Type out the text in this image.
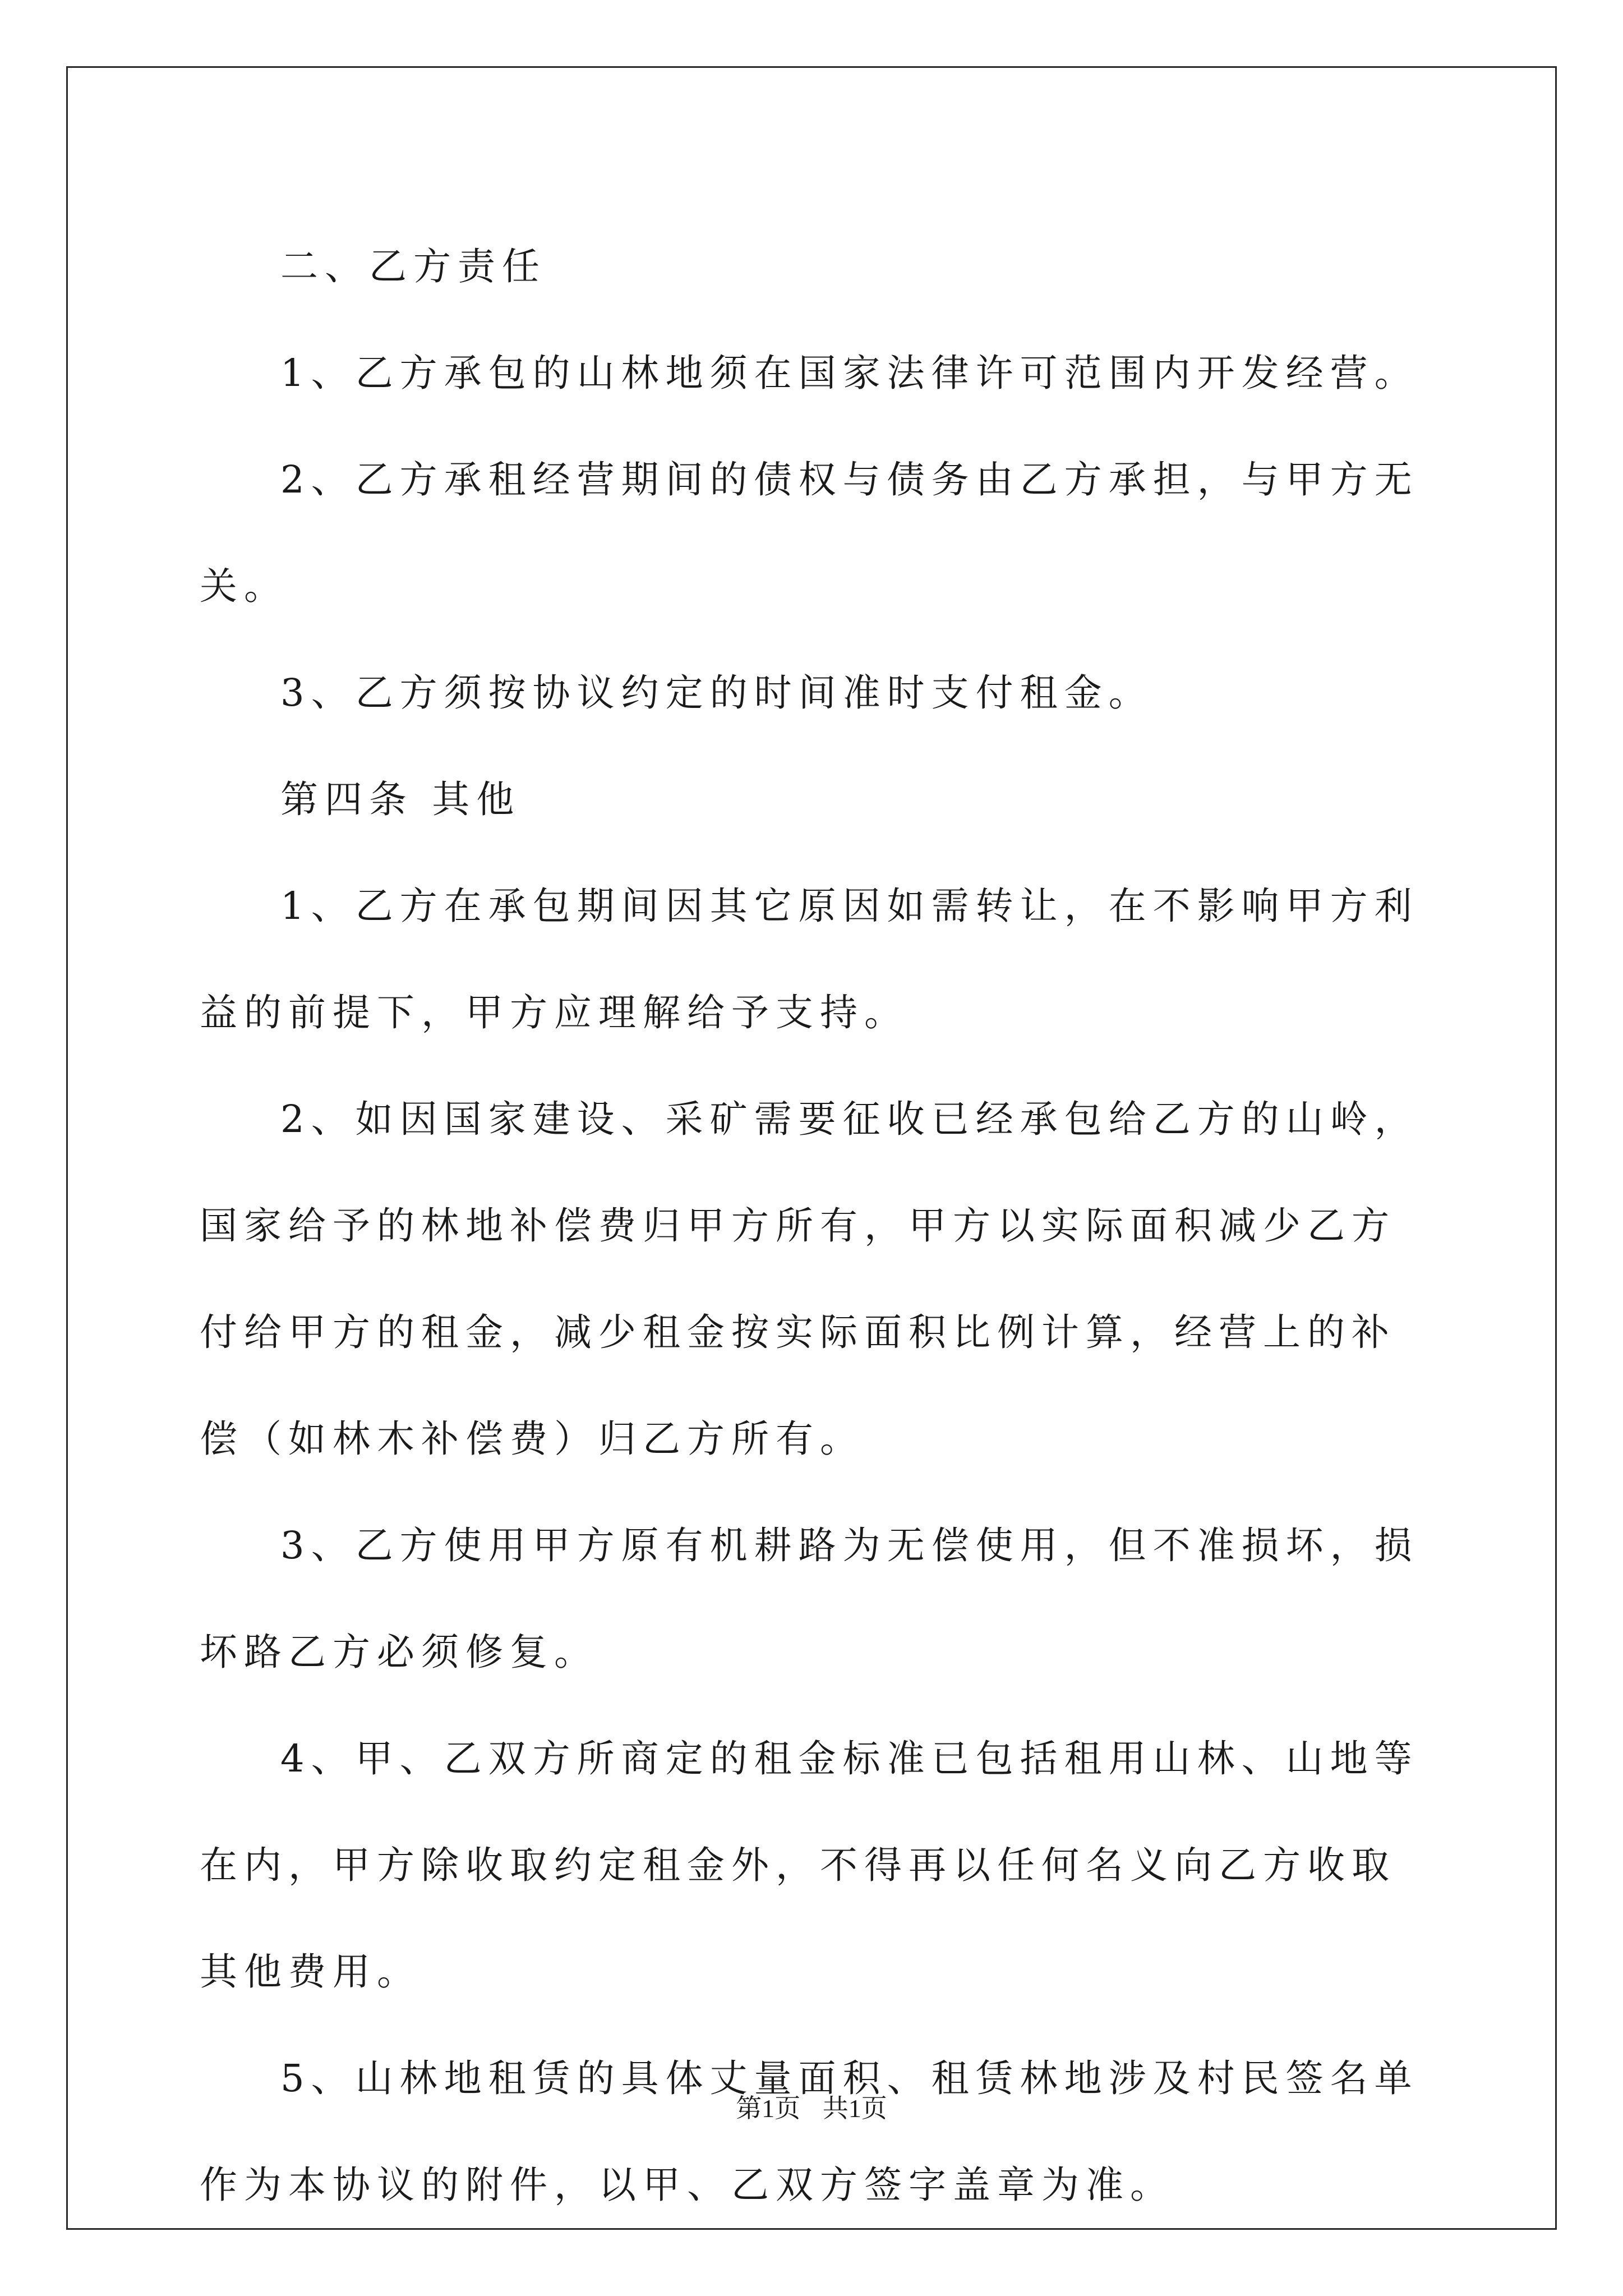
二、乙方责任

1、乙方承包的山林地须在国家法律许可范围内开发经营。

2、乙方承租经营期间的债权与债务由乙方承担，与甲方无关。

3、乙方须按协议约定的时间准时支付租金。

第四条 其他

1、乙方在承包期间因其它原因如需转让，在不影响甲方利益的前提下，甲方应理解给予支持。

2、如因国家建设、采矿需要征收已经承包给乙方的山岭，国家给予的林地补偿费归甲方所有，甲方以实际面积减少乙方付给甲方的租金，减少租金按实际面积比例计算，经营上的补偿（如林木补偿费）归乙方所有。

3、乙方使用甲方原有机耕路为无偿使用，但不准损坏，损坏路乙方必须修复。

4、甲、乙双方所商定的租金标准已包括租用山林、山地等在内，甲方除收取约定租金外，不得再以任何名义向乙方收取其他费用。

5、山林地租赁的具体丈量面积、租赁林地涉及村民签名单作为本协议的附件，以甲、乙双方签字盖章为准。

第1页 共1页
